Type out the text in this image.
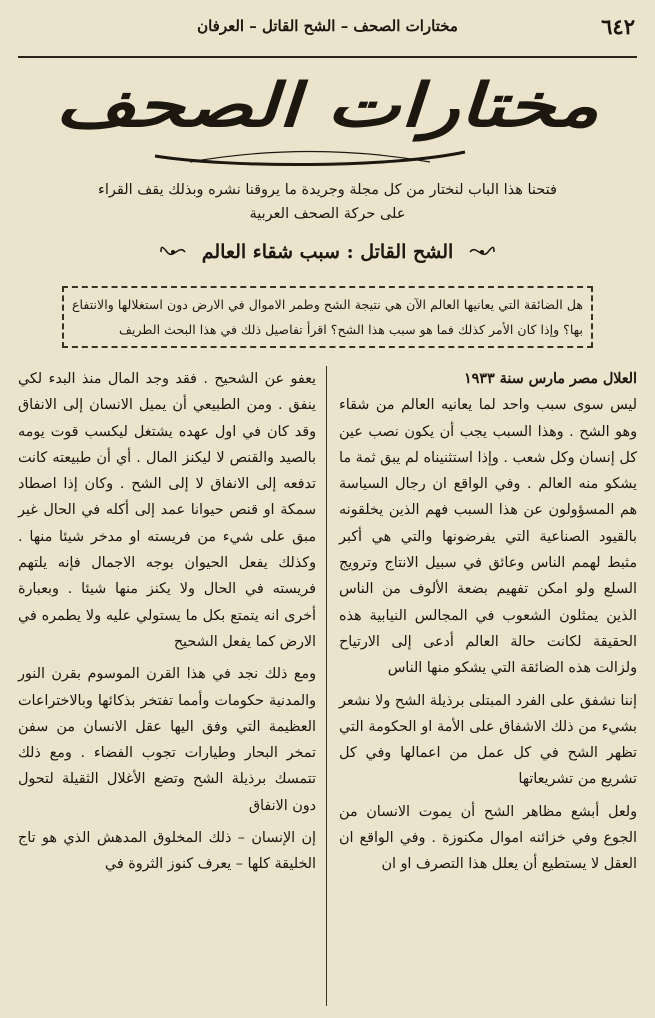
٦٤٢
مختارات الصحف – الشح القاتل – العرفان
مختارات الصحف
فتحنا هذا الباب لنختار من كل مجلة وجريدة ما يروقنا نشره وبذلك يقف القراء
على حركة الصحف العربية
الشح القاتل : سبب شقاء العالم
هل الضائقة التي يعانيها العالم الآن هي نتيجة الشح وطمر الاموال في الارض دون استغلالها والانتفاع بها؟ وإذا كان الأمر كذلك فما هو سبب هذا الشح؟ اقرأ تفاصيل ذلك في هذا البحث الطريف

العلال مصر مارس سنة ١٩٣٣

ليس سوى سبب واحد لما يعانيه العالم من شقاء وهو الشح . وهذا السبب يجب أن يكون نصب عين كل إنسان وكل شعب . وإذا استثنيناه لم يبق ثمة ما يشكو منه العالم . وفي الواقع ان رجال السياسة هم المسؤولون عن هذا السبب فهم الذين يخلقونه بالقيود الصناعية التي يفرضونها والتي هي أكبر مثبط لهمم الناس وعائق في سبيل الانتاج وترويج السلع ولو امكن تفهيم بضعة الألوف من الناس الذين يمثلون الشعوب في المجالس النيابية هذه الحقيقة لكانت حالة العالم أدعى إلى الارتياح ولزالت هذه الضائقة التي يشكو منها الناس

إننا نشفق على الفرد المبتلى برذيلة الشح ولا نشعر بشيء من ذلك الاشفاق على الأمة او الحكومة التي تظهر الشح في كل عمل من اعمالها وفي كل تشريع من تشريعاتها

ولعل أبشع مظاهر الشح أن يموت الانسان من الجوع وفي خزائنه اموال مكنوزة . وفي الواقع ان العقل لا يستطيع أن يعلل هذا التصرف او ان

يعفو عن الشحيح . فقد وجد المال منذ البدء لكي ينفق . ومن الطبيعي أن يميل الانسان إلى الانفاق وقد كان في اول عهده يشتغل ليكسب قوت يومه بالصيد والقنص لا ليكنز المال . أي أن طبيعته كانت تدفعه إلى الانفاق لا إلى الشح . وكان إذا اصطاد سمكة او قنص حيوانا عمد إلى أكله في الحال غير مبق على شيء من فريسته او مدخر شيئا منها . وكذلك يفعل الحيوان بوجه الاجمال فإنه يلتهم فريسته في الحال ولا يكنز منها شيئا . وبعبارة أخرى انه يتمتع بكل ما يستولي عليه ولا يطمره في الارض كما يفعل الشحيح

ومع ذلك نجد في هذا القرن الموسوم بقرن النور والمدنية حكومات وأمما تفتخر بذكائها وبالاختراعات العظيمة التي وفق اليها عقل الانسان من سفن تمخر البحار وطيارات تجوب الفضاء . ومع ذلك تتمسك برذيلة الشح وتضع الأغلال الثقيلة لتحول دون الانفاق

إن الإنسان – ذلك المخلوق المدهش الذي هو تاج الخليقة كلها – يعرف كنوز الثروة في
